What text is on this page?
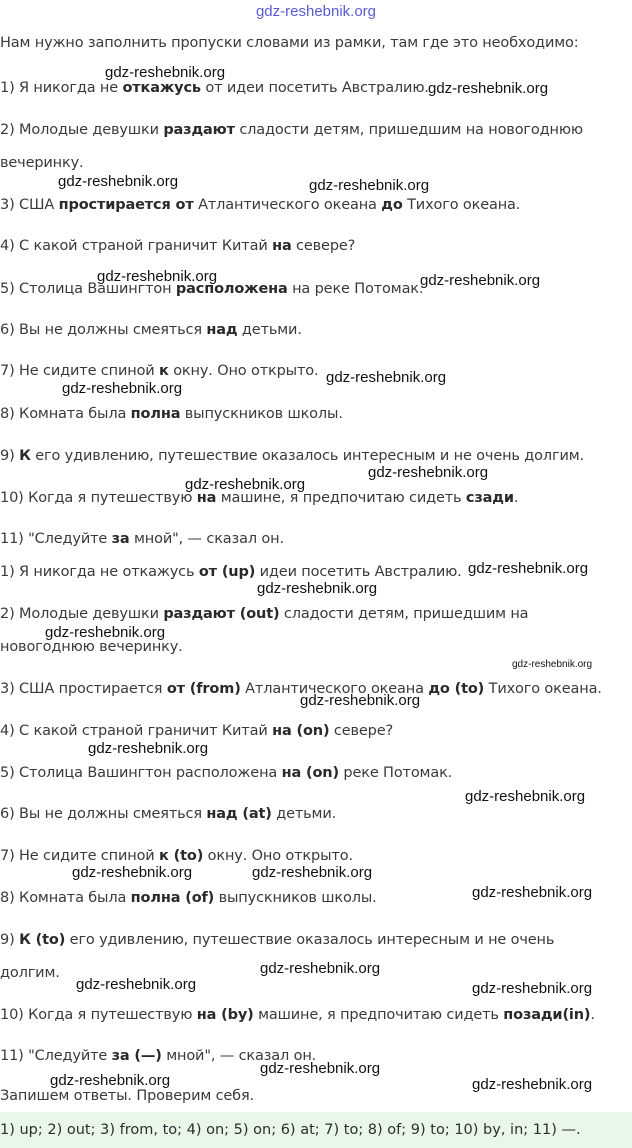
gdz-reshebnik.org
Нам нужно заполнить пропуски словами из рамки, там где это необходимо:
1) Я никогда не откажусь от идеи посетить Австралию.
2) Молодые девушки раздают сладости детям, пришедшим на новогоднюю
вечеринку.
3) США простирается от Атлантического океана до Тихого океана.
4) С какой страной граничит Китай на севере?
5) Столица Вашингтон расположена на реке Потомак.
6) Вы не должны смеяться над детьми.
7) Не сидите спиной к окну. Оно открыто.
8) Комната была полна выпускников школы.
9) К его удивлению, путешествие оказалось интересным и не очень долгим.
10) Когда я путешествую на машине, я предпочитаю сидеть сзади.
11) "Следуйте за мной", — сказал он.
1) Я никогда не откажусь от (up) идеи посетить Австралию.
2) Молодые девушки раздают (out) сладости детям, пришедшим на
новогоднюю вечеринку.
3) США простирается от (from) Атлантического океана до (to) Тихого океана.
4) С какой страной граничит Китай на (on) севере?
5) Столица Вашингтон расположена на (on) реке Потомак.
6) Вы не должны смеяться над (at) детьми.
7) Не сидите спиной к (to) окну. Оно открыто.
8) Комната была полна (of) выпускников школы.
9) К (to) его удивлению, путешествие оказалось интересным и не очень
долгим.
10) Когда я путешествую на (by) машине, я предпочитаю сидеть позади(in).
11) "Следуйте за (—) мной", — сказал он.
Запишем ответы. Проверим себя.
1) up; 2) out; 3) from, to; 4) on; 5) on; 6) at; 7) to; 8) of; 9) to; 10) by, in; 11) —.
gdz-reshebnik.org
gdz-reshebnik.org
gdz-reshebnik.org	gdz-reshebnik.org
gdz-reshebnik.org	gdz-reshebnik.org
gdz-reshebnik.org
gdz-reshebnik.org
gdz-reshebnik.org
gdz-reshebnik.org
gdz-reshebnik.org
gdz-reshebnik.org
gdz-reshebnik.org
gdz-reshebnik.org
gdz-reshebnik.org
gdz-reshebnik.org
gdz-reshebnik.org
gdz-reshebnik.org	gdz-reshebnik.org
gdz-reshebnik.org
gdz-reshebnik.org
gdz-reshebnik.org	gdz-reshebnik.org
gdz-reshebnik.org
gdz-reshebnik.org	gdz-reshebnik.org
